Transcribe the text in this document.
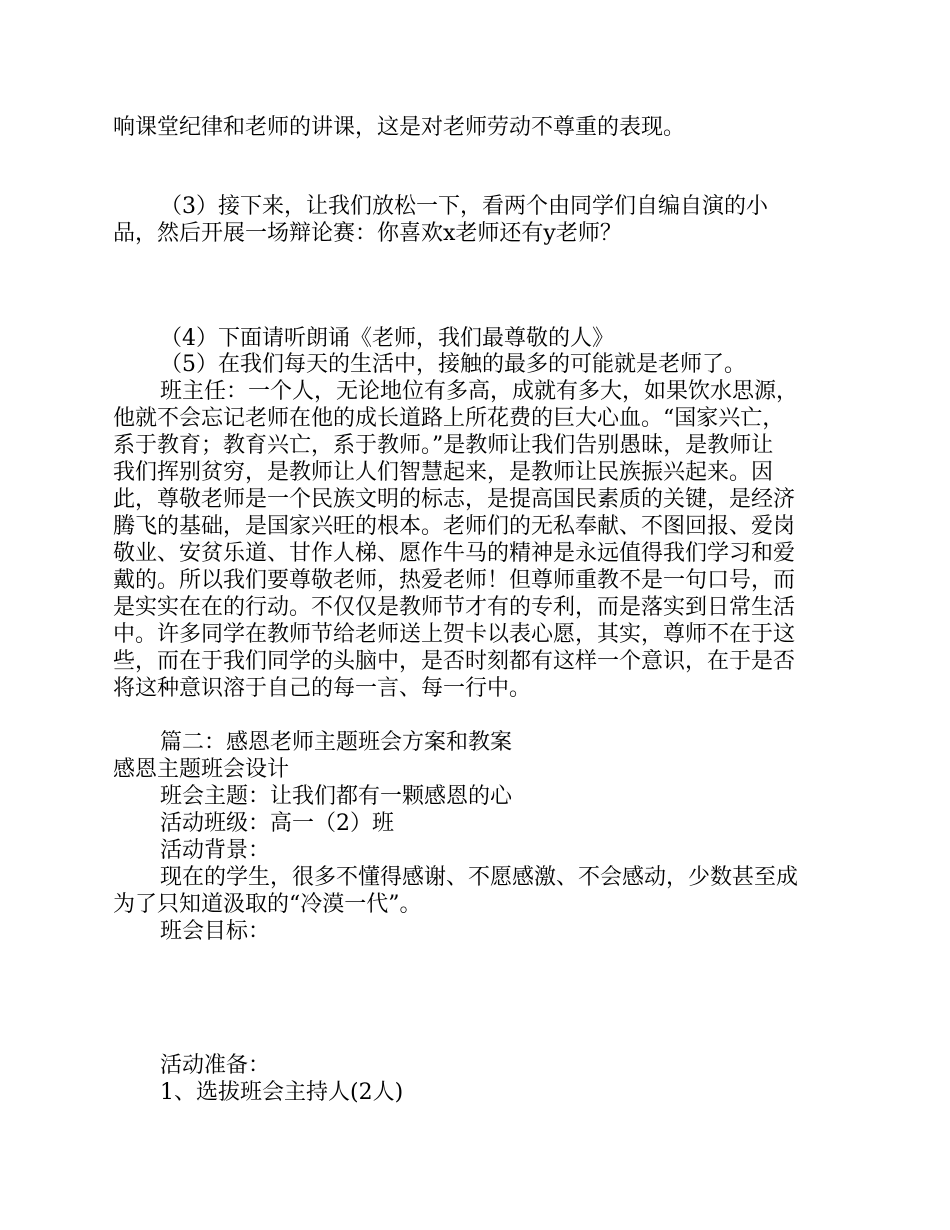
响课堂纪律和老师的讲课，这是对老师劳动不尊重的表现。
（3）接下来，让我们放松一下，看两个由同学们自编自演的小
品，然后开展一场辩论赛：你喜欢x老师还有y老师？
（4）下面请听朗诵《老师，我们最尊敬的人》
（5）在我们每天的生活中，接触的最多的可能就是老师了。
班主任：一个人，无论地位有多高，成就有多大，如果饮水思源，
他就不会忘记老师在他的成长道路上所花费的巨大心血。“国家兴亡，
系于教育；教育兴亡，系于教师。”是教师让我们告别愚昧，是教师让
我们挥别贫穷，是教师让人们智慧起来，是教师让民族振兴起来。因
此，尊敬老师是一个民族文明的标志，是提高国民素质的关键，是经济
腾飞的基础，是国家兴旺的根本。老师们的无私奉献、不图回报、爱岗
敬业、安贫乐道、甘作人梯、愿作牛马的精神是永远值得我们学习和爱
戴的。所以我们要尊敬老师，热爱老师！但尊师重教不是一句口号，而
是实实在在的行动。不仅仅是教师节才有的专利，而是落实到日常生活
中。许多同学在教师节给老师送上贺卡以表心愿，其实，尊师不在于这
些，而在于我们同学的头脑中，是否时刻都有这样一个意识，在于是否
将这种意识溶于自己的每一言、每一行中。
篇二：感恩老师主题班会方案和教案
感恩主题班会设计
班会主题：让我们都有一颗感恩的心
活动班级：高一（2）班
活动背景：
现在的学生，很多不懂得感谢、不愿感激、不会感动，少数甚至成
为了只知道汲取的“冷漠一代”。
班会目标：
活动准备：
1、选拔班会主持人(2人)
